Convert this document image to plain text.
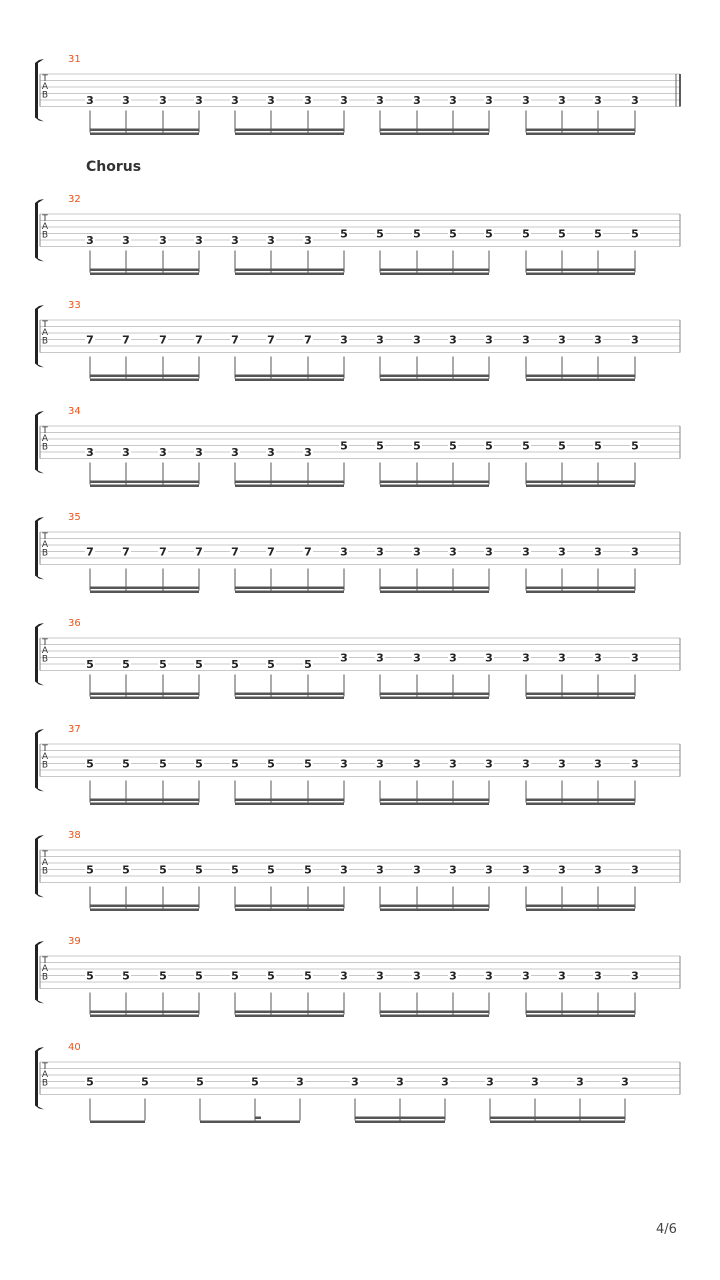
31
T
A
B	3	3	3	3	3	3	3	3	3	3	3	3	3	3	3	3
32
T
A
B	3	3	3	3	3	3	3	5	5	5	5	5	5	5	5	5
33
T
A
B	7	7	7	7	7	7	7	3	3	3	3	3	3	3	3	3
34
T
A
B	3	3	3	3	3	3	3	5	5	5	5	5	5	5	5	5
35
T
A
B	7	7	7	7	7	7	7	3	3	3	3	3	3	3	3	3
36
T
A
B	5	5	5	5	5	5	5	3	3	3	3	3	3	3	3	3
37
T
A
B	5	5	5	5	5	5	5	3	3	3	3	3	3	3	3	3
38
T
A
B	5	5	5	5	5	5	5	3	3	3	3	3	3	3	3	3
39
T
A
B	5	5	5	5	5	5	5	3	3	3	3	3	3	3	3	3
40
T
A
B	5	5	5	5	3	3	3	3	3	3	3	3
Chorus
4/6
